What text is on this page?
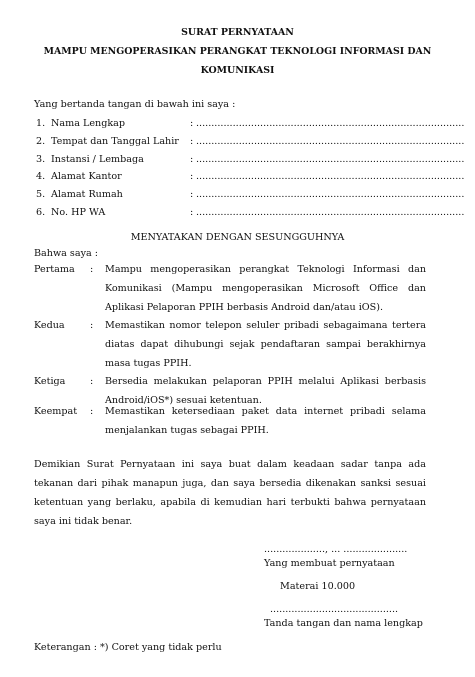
SURAT PERNYATAAN
MAMPU MENGOPERASIKAN PERANGKAT TEKNOLOGI INFORMASI DAN
KOMUNIKASI
Yang bertanda tangan di bawah ini saya :
1. Nama Lengkap	: ........................................................................................
2. Tempat dan Tanggal Lahir : ........................................................................................
3. Instansi / Lembaga	: ........................................................................................
4. Alamat Kantor	: ........................................................................................
5. Alamat Rumah	: ........................................................................................
6. No. HP WA	: ........................................................................................
MENYATAKAN DENGAN SESUNGGUHNYA
Bahwa saya :
Pertama : Mampu mengoperasikan perangkat Teknologi Informasi dan Komunikasi (Mampu mengoperasikan Microsoft Office dan Aplikasi Pelaporan PPIH berbasis Android dan/atau iOS).
Kedua	: Memastikan nomor telepon seluler pribadi sebagaimana tertera diatas dapat dihubungi sejak pendaftaran sampai berakhirnya masa tugas PPIH.
Ketiga	: Bersedia melakukan pelaporan PPIH melalui Aplikasi berbasis Android/iOS*) sesuai ketentuan.
Keempat : Memastikan ketersediaan paket data internet pribadi selama menjalankan tugas sebagai PPIH.
Demikian Surat Pernyataan ini saya buat dalam keadaan sadar tanpa ada tekanan dari pihak manapun juga, dan saya bersedia dikenakan sanksi sesuai ketentuan yang berlaku, apabila di kemudian hari terbukti bahwa pernyataan saya ini tidak benar.
...................., ... .....................
Yang membuat pernyataan
Materai 10.000
..........................................
Tanda tangan dan nama lengkap
Keterangan : *) Coret yang tidak perlu
